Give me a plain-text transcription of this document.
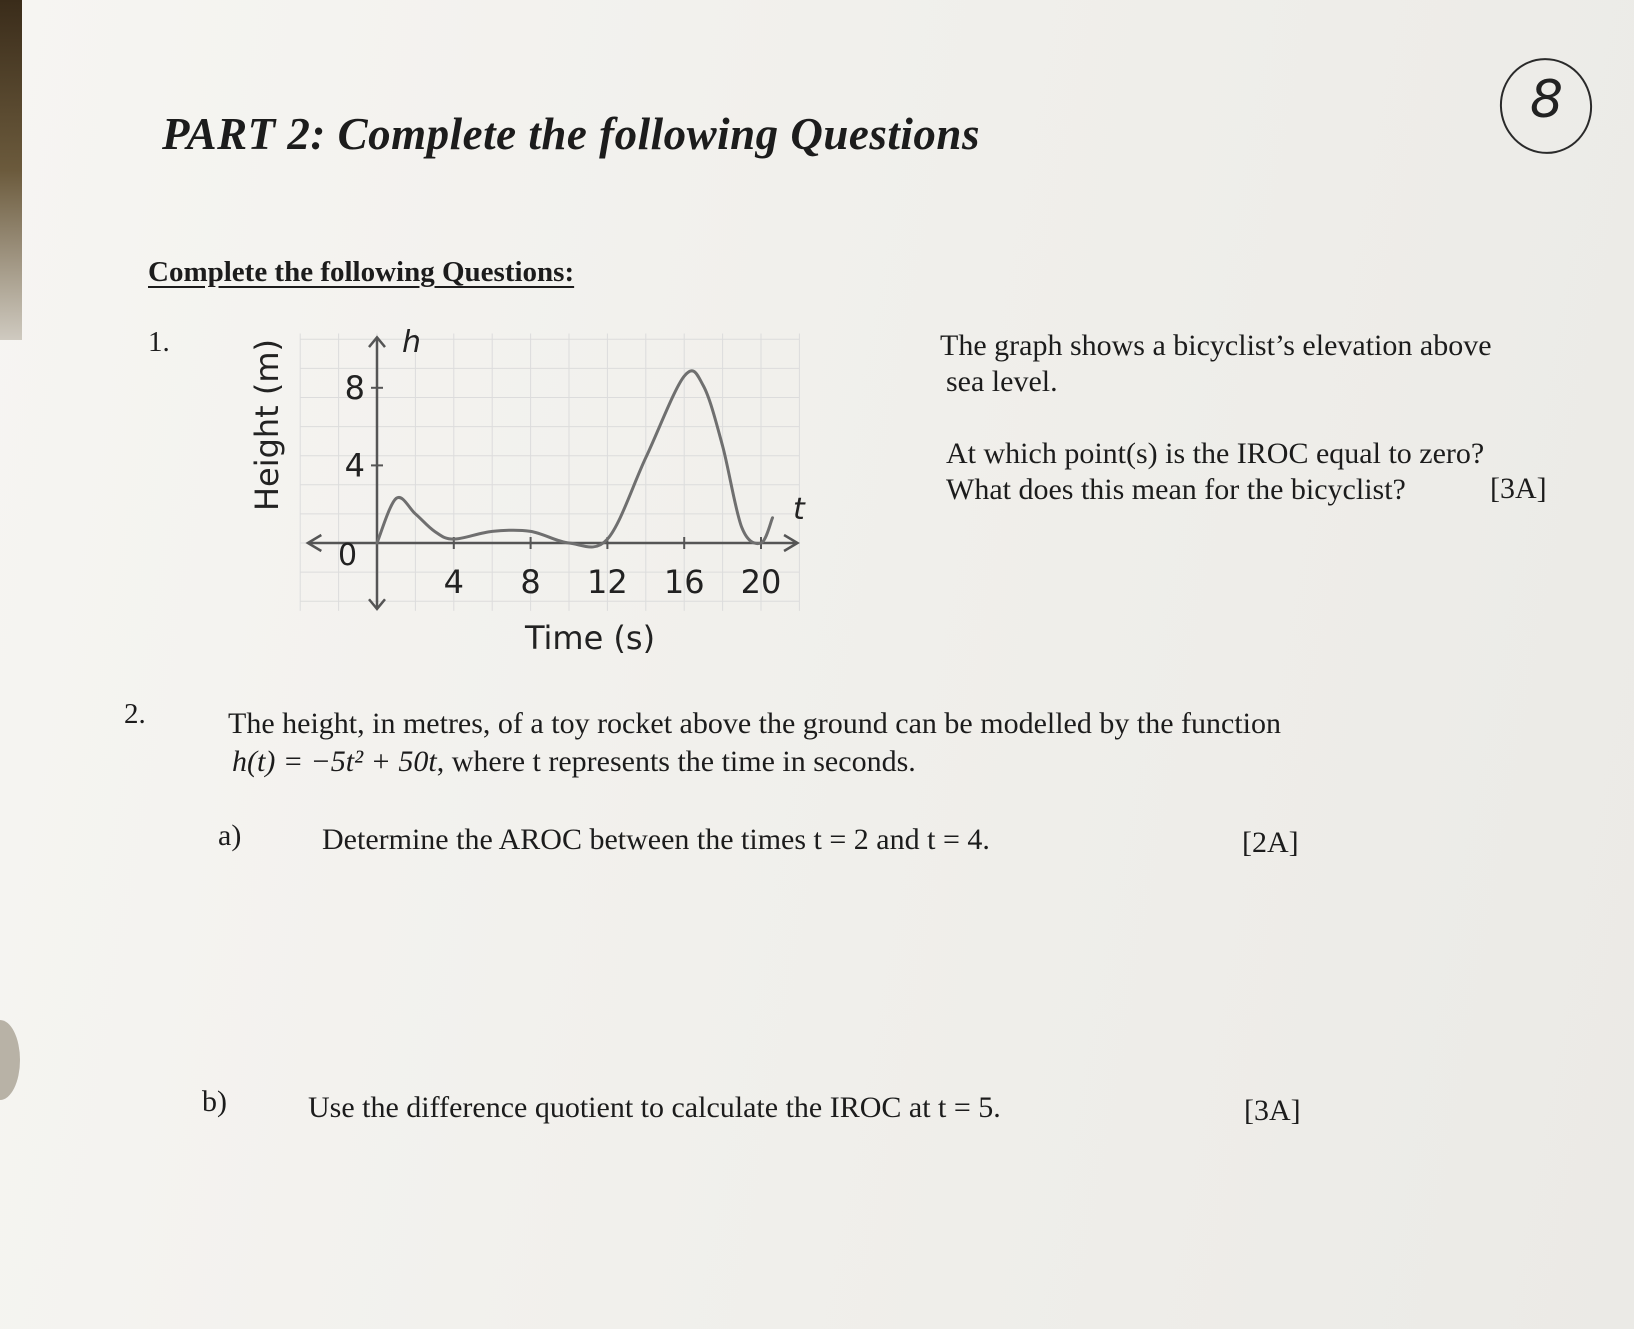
PART 2: Complete the following Questions
8
Complete the following Questions:
1.
4 8 12 16 20
8
4
h
t
0
Time (s)
Height (m)	The graph shows a bicyclist’s elevation above
sea level.
At which point(s) is the IROC equal to zero?
What does this mean for the bicyclist?	[3A]
2.	The height, in metres, of a toy rocket above the ground can be modelled by the function
h(t) = −5t² + 50t, where t represents the time in seconds.
a)	Determine the AROC between the times t = 2 and t = 4.	[2A]
b)	Use the difference quotient to calculate the IROC at t = 5.	[3A]
